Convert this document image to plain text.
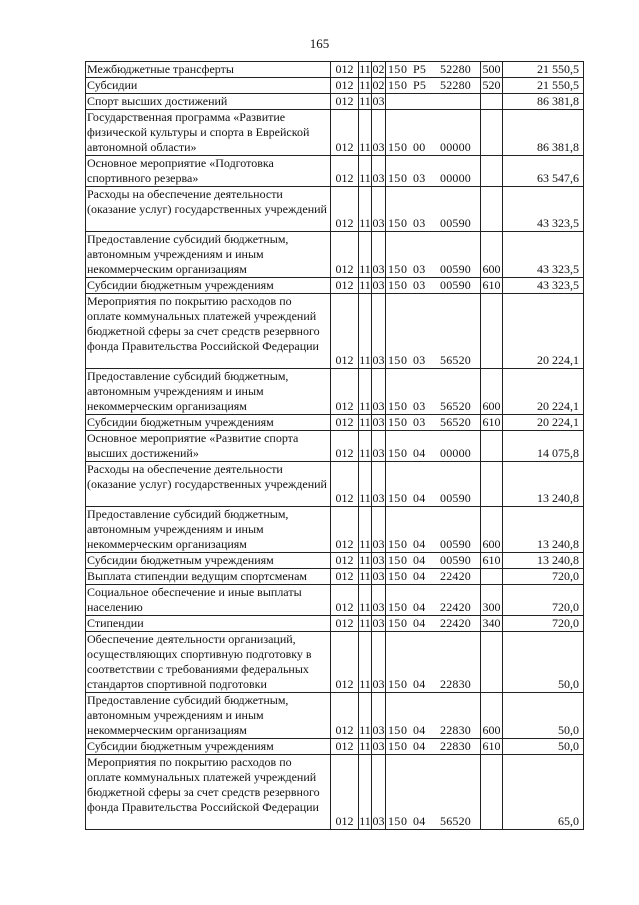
165
Межбюджетные трансферты	012	11	02	150 P5 52280	500	21 550,5
Субсидии	012	11	02	150 P5 52280	520	21 550,5
Спорт высших достижений	012	11	03			86 381,8
Государственная программа «Развитие физической культуры и спорта в Еврейской автономной области»	012	11	03	150 00 00000		86 381,8
Основное мероприятие «Подготовка спортивного резерва»	012	11	03	150 03 00000		63 547,6
Расходы на обеспечение деятельности (оказание услуг) государственных учреждений	012	11	03	150 03 00590		43 323,5
Предоставление субсидий бюджетным, автономным учреждениям и иным некоммерческим организациям	012	11	03	150 03 00590	600	43 323,5
Субсидии бюджетным учреждениям	012	11	03	150 03 00590	610	43 323,5
Мероприятия по покрытию расходов по оплате коммунальных платежей учреждений бюджетной сферы за счет средств резервного фонда Правительства Российской Федерации	012	11	03	150 03 56520		20 224,1
Предоставление субсидий бюджетным, автономным учреждениям и иным некоммерческим организациям	012	11	03	150 03 56520	600	20 224,1
Субсидии бюджетным учреждениям	012	11	03	150 03 56520	610	20 224,1
Основное мероприятие «Развитие спорта высших достижений»	012	11	03	150 04 00000		14 075,8
Расходы на обеспечение деятельности (оказание услуг) государственных учреждений	012	11	03	150 04 00590		13 240,8
Предоставление субсидий бюджетным, автономным учреждениям и иным некоммерческим организациям	012	11	03	150 04 00590	600	13 240,8
Субсидии бюджетным учреждениям	012	11	03	150 04 00590	610	13 240,8
Выплата стипендии ведущим спортсменам	012	11	03	150 04 22420		720,0
Социальное обеспечение и иные выплаты населению	012	11	03	150 04 22420	300	720,0
Стипендии	012	11	03	150 04 22420	340	720,0
Обеспечение деятельности организаций, осуществляющих спортивную подготовку в соответствии с требованиями федеральных стандартов спортивной подготовки	012	11	03	150 04 22830		50,0
Предоставление субсидий бюджетным, автономным учреждениям и иным некоммерческим организациям	012	11	03	150 04 22830	600	50,0
Субсидии бюджетным учреждениям	012	11	03	150 04 22830	610	50,0
Мероприятия по покрытию расходов по оплате коммунальных платежей учреждений бюджетной сферы за счет средств резервного фонда Правительства Российской Федерации	012	11	03	150 04 56520		65,0
